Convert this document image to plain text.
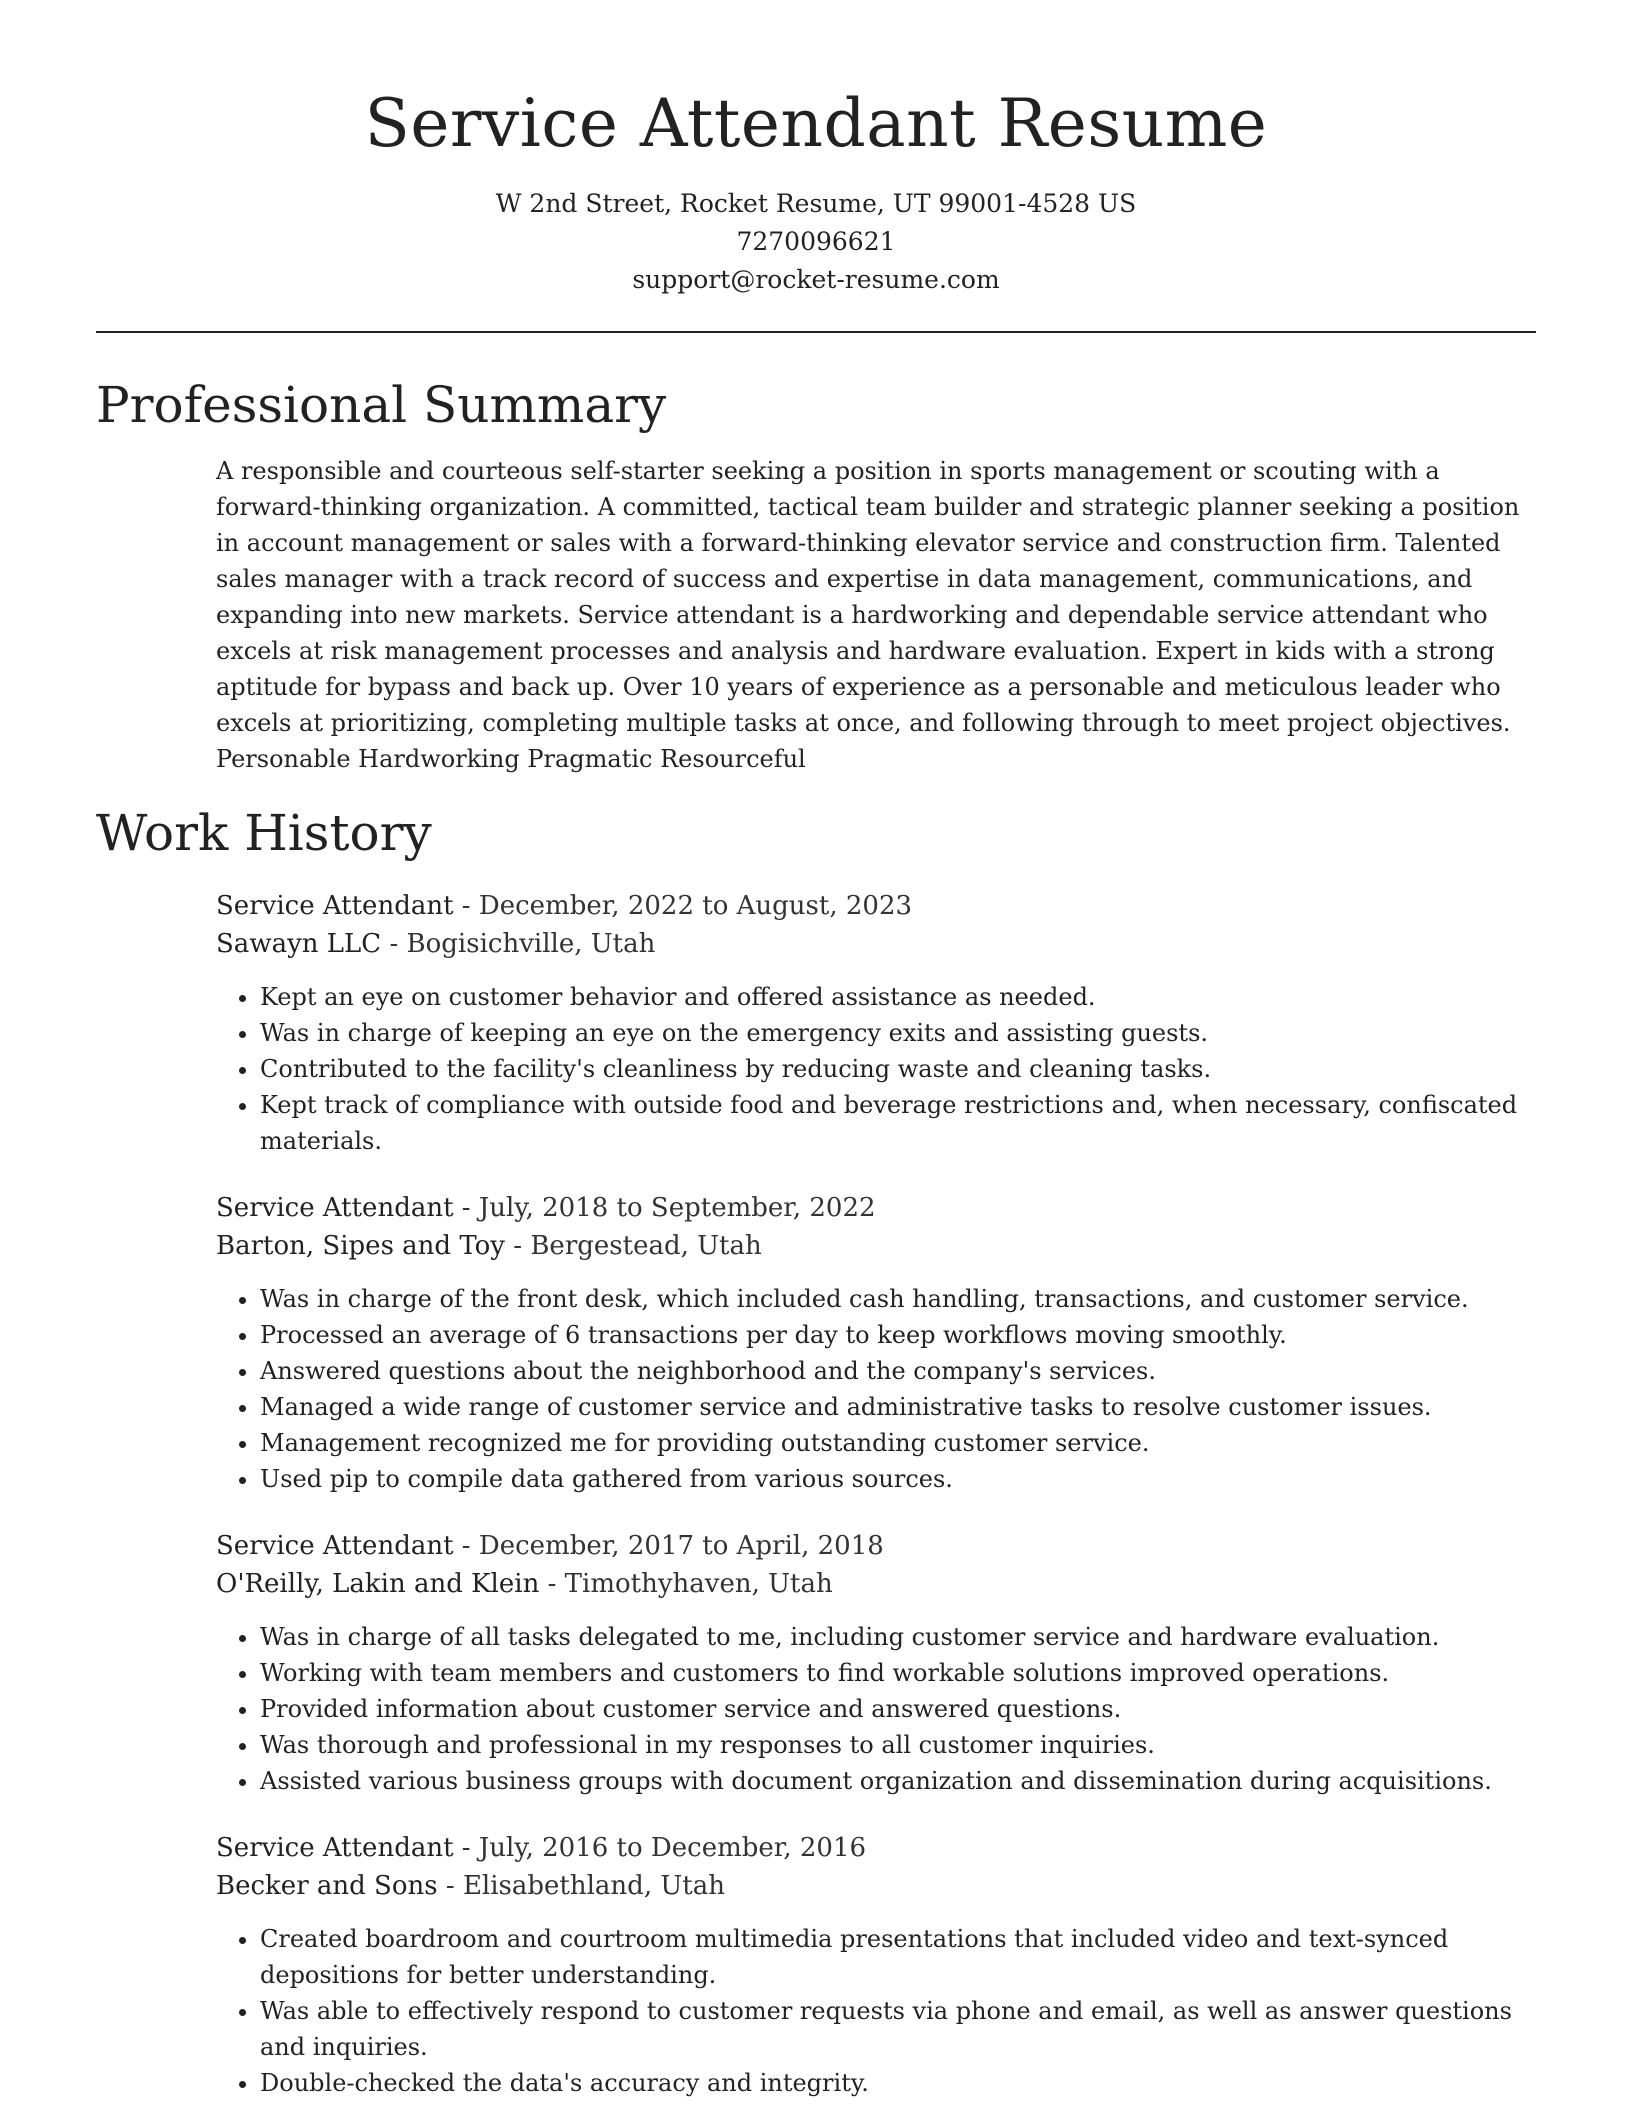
Service Attendant Resume
W 2nd Street, Rocket Resume, UT 99001-4528 US
7270096621
support@rocket-resume.com
Professional Summary

A responsible and courteous self-starter seeking a position in sports management or scouting with a forward-thinking organization. A committed, tactical team builder and strategic planner seeking a position in account management or sales with a forward-thinking elevator service and construction firm. Talented sales manager with a track record of success and expertise in data management, communications, and expanding into new markets. Service attendant is a hardworking and dependable service attendant who excels at risk management processes and analysis and hardware evaluation. Expert in kids with a strong aptitude for bypass and back up. Over 10 years of experience as a personable and meticulous leader who excels at prioritizing, completing multiple tasks at once, and following through to meet project objectives. Personable Hardworking Pragmatic Resourceful

Work History
Service Attendant - December, 2022 to August, 2023
Sawayn LLC - Bogisichville, Utah
• Kept an eye on customer behavior and offered assistance as needed.
• Was in charge of keeping an eye on the emergency exits and assisting guests.
• Contributed to the facility's cleanliness by reducing waste and cleaning tasks.
• Kept track of compliance with outside food and beverage restrictions and, when necessary, confiscated materials.
Service Attendant - July, 2018 to September, 2022
Barton, Sipes and Toy - Bergestead, Utah
• Was in charge of the front desk, which included cash handling, transactions, and customer service.
• Processed an average of 6 transactions per day to keep workflows moving smoothly.
• Answered questions about the neighborhood and the company's services.
• Managed a wide range of customer service and administrative tasks to resolve customer issues.
• Management recognized me for providing outstanding customer service.
• Used pip to compile data gathered from various sources.
Service Attendant - December, 2017 to April, 2018
O'Reilly, Lakin and Klein - Timothyhaven, Utah
• Was in charge of all tasks delegated to me, including customer service and hardware evaluation.
• Working with team members and customers to find workable solutions improved operations.
• Provided information about customer service and answered questions.
• Was thorough and professional in my responses to all customer inquiries.
• Assisted various business groups with document organization and dissemination during acquisitions.
Service Attendant - July, 2016 to December, 2016
Becker and Sons - Elisabethland, Utah
• Created boardroom and courtroom multimedia presentations that included video and text-synced depositions for better understanding.
• Was able to effectively respond to customer requests via phone and email, as well as answer questions and inquiries.
• Double-checked the data's accuracy and integrity.
